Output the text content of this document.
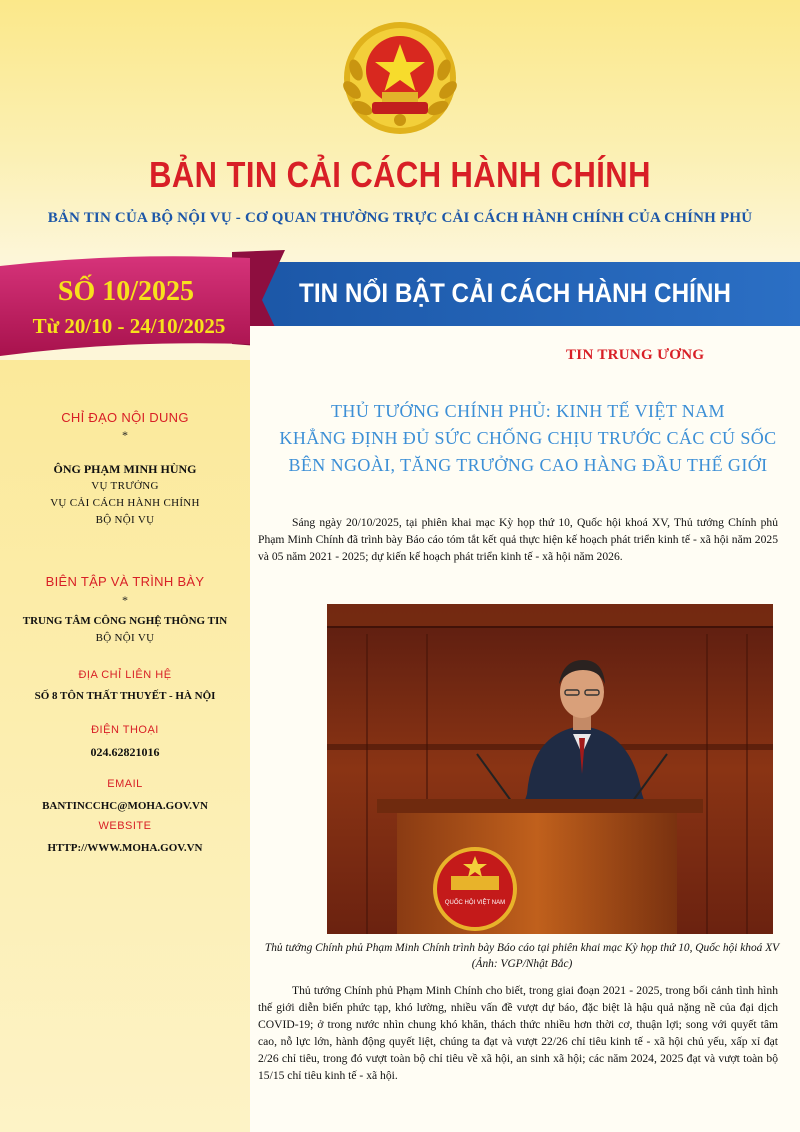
BẢN TIN CẢI CÁCH HÀNH CHÍNH
BẢN TIN CỦA BỘ NỘI VỤ - CƠ QUAN THƯỜNG TRỰC CẢI CÁCH HÀNH CHÍNH CỦA CHÍNH PHỦ
TIN NỔI BẬT CẢI CÁCH HÀNH CHÍNH
SỐ 10/2025
Từ 20/10 - 24/10/2025
CHỈ ĐẠO NỘI DUNG
*
ÔNG PHẠM MINH HÙNG
VỤ TRƯỞNG
VỤ CẢI CÁCH HÀNH CHÍNH
BỘ NỘI VỤ
BIÊN TẬP VÀ TRÌNH BÀY
*
TRUNG TÂM CÔNG NGHỆ THÔNG TIN
BỘ NỘI VỤ
ĐỊA CHỈ LIÊN HỆ
SỐ 8 TÔN THẤT THUYẾT - HÀ NỘI
ĐIỆN THOẠI
024.62821016
EMAIL
BANTINCCHC@MOHA.GOV.VN
WEBSITE
HTTP://WWW.MOHA.GOV.VN
TIN TRUNG ƯƠNG
THỦ TƯỚNG CHÍNH PHỦ: KINH TẾ VIỆT NAM
KHẲNG ĐỊNH ĐỦ SỨC CHỐNG CHỊU TRƯỚC CÁC CÚ SỐC
BÊN NGOÀI, TĂNG TRƯỞNG CAO HÀNG ĐẦU THẾ GIỚI

Sáng ngày 20/10/2025, tại phiên khai mạc Kỳ họp thứ 10, Quốc hội khoá XV, Thủ tướng Chính phủ Phạm Minh Chính đã trình bày Báo cáo tóm tắt kết quả thực hiện kế hoạch phát triển kinh tế - xã hội năm 2025 và 05 năm 2021 - 2025; dự kiến kế hoạch phát triển kinh tế - xã hội năm 2026.

QUỐC HỘI VIỆT NAM
Thủ tướng Chính phủ Phạm Minh Chính trình bày Báo cáo tại phiên khai mạc Kỳ họp thứ 10, Quốc hội khoá XV (Ảnh: VGP/Nhật Bắc)

Thủ tướng Chính phủ Phạm Minh Chính cho biết, trong giai đoạn 2021 - 2025, trong bối cảnh tình hình thế giới diễn biến phức tạp, khó lường, nhiều vấn đề vượt dự báo, đặc biệt là hậu quả nặng nề của đại dịch COVID-19; ở trong nước nhìn chung khó khăn, thách thức nhiều hơn thời cơ, thuận lợi; song với quyết tâm cao, nỗ lực lớn, hành động quyết liệt, chúng ta đạt và vượt 22/26 chỉ tiêu kinh tế - xã hội chủ yếu, xấp xỉ đạt 2/26 chỉ tiêu, trong đó vượt toàn bộ chỉ tiêu về xã hội, an sinh xã hội; các năm 2024, 2025 đạt và vượt toàn bộ 15/15 chỉ tiêu kinh tế - xã hội.
